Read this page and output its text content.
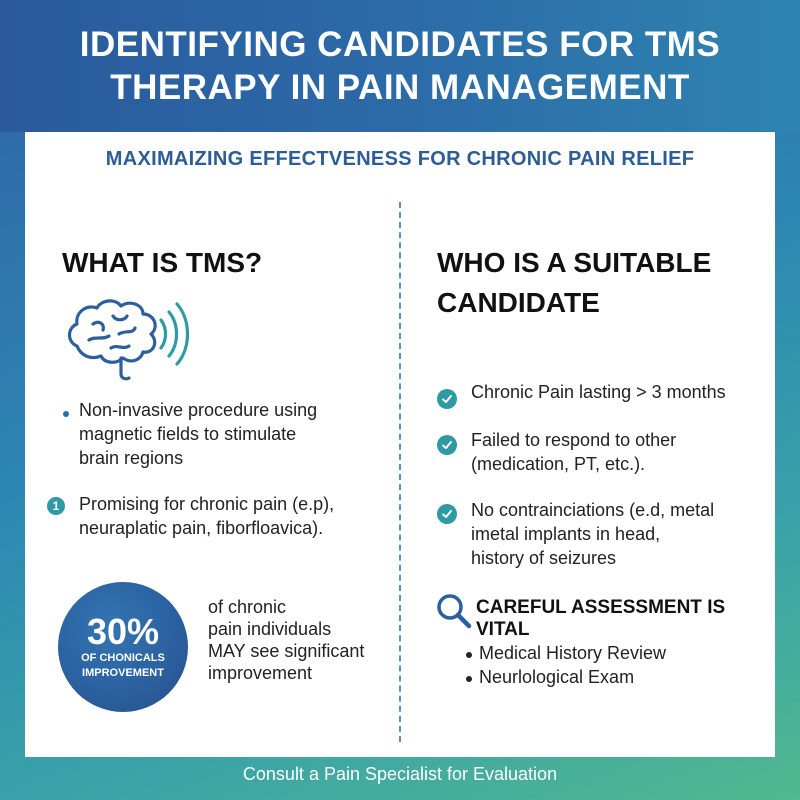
IDENTIFYING CANDIDATES FOR TMS
THERAPY IN PAIN MANAGEMENT
MAXIMAIZING EFFECTVENESS FOR CHRONIC PAIN RELIEF
WHAT IS TMS?
Non-invasive procedure using
magnetic fields to stimulate
brain regions
1	Promising for chronic pain (e.p),
neuraplatic pain, fiborfloavica).
30%
OF CHONICALS
IMPROVEMENT
of chronic
pain individuals
MAY see significant
improvement
WHO IS A SUITABLE
CANDIDATE
Chronic Pain lasting > 3 months
Failed to respond to other
(medication, PT, etc.).
No contrainciations (e.d, metal
imetal implants in head,
history of seizures
CAREFUL ASSESSMENT IS VITAL
Medical History Review
Neurlological Exam
Consult a Pain Specialist for Evaluation
